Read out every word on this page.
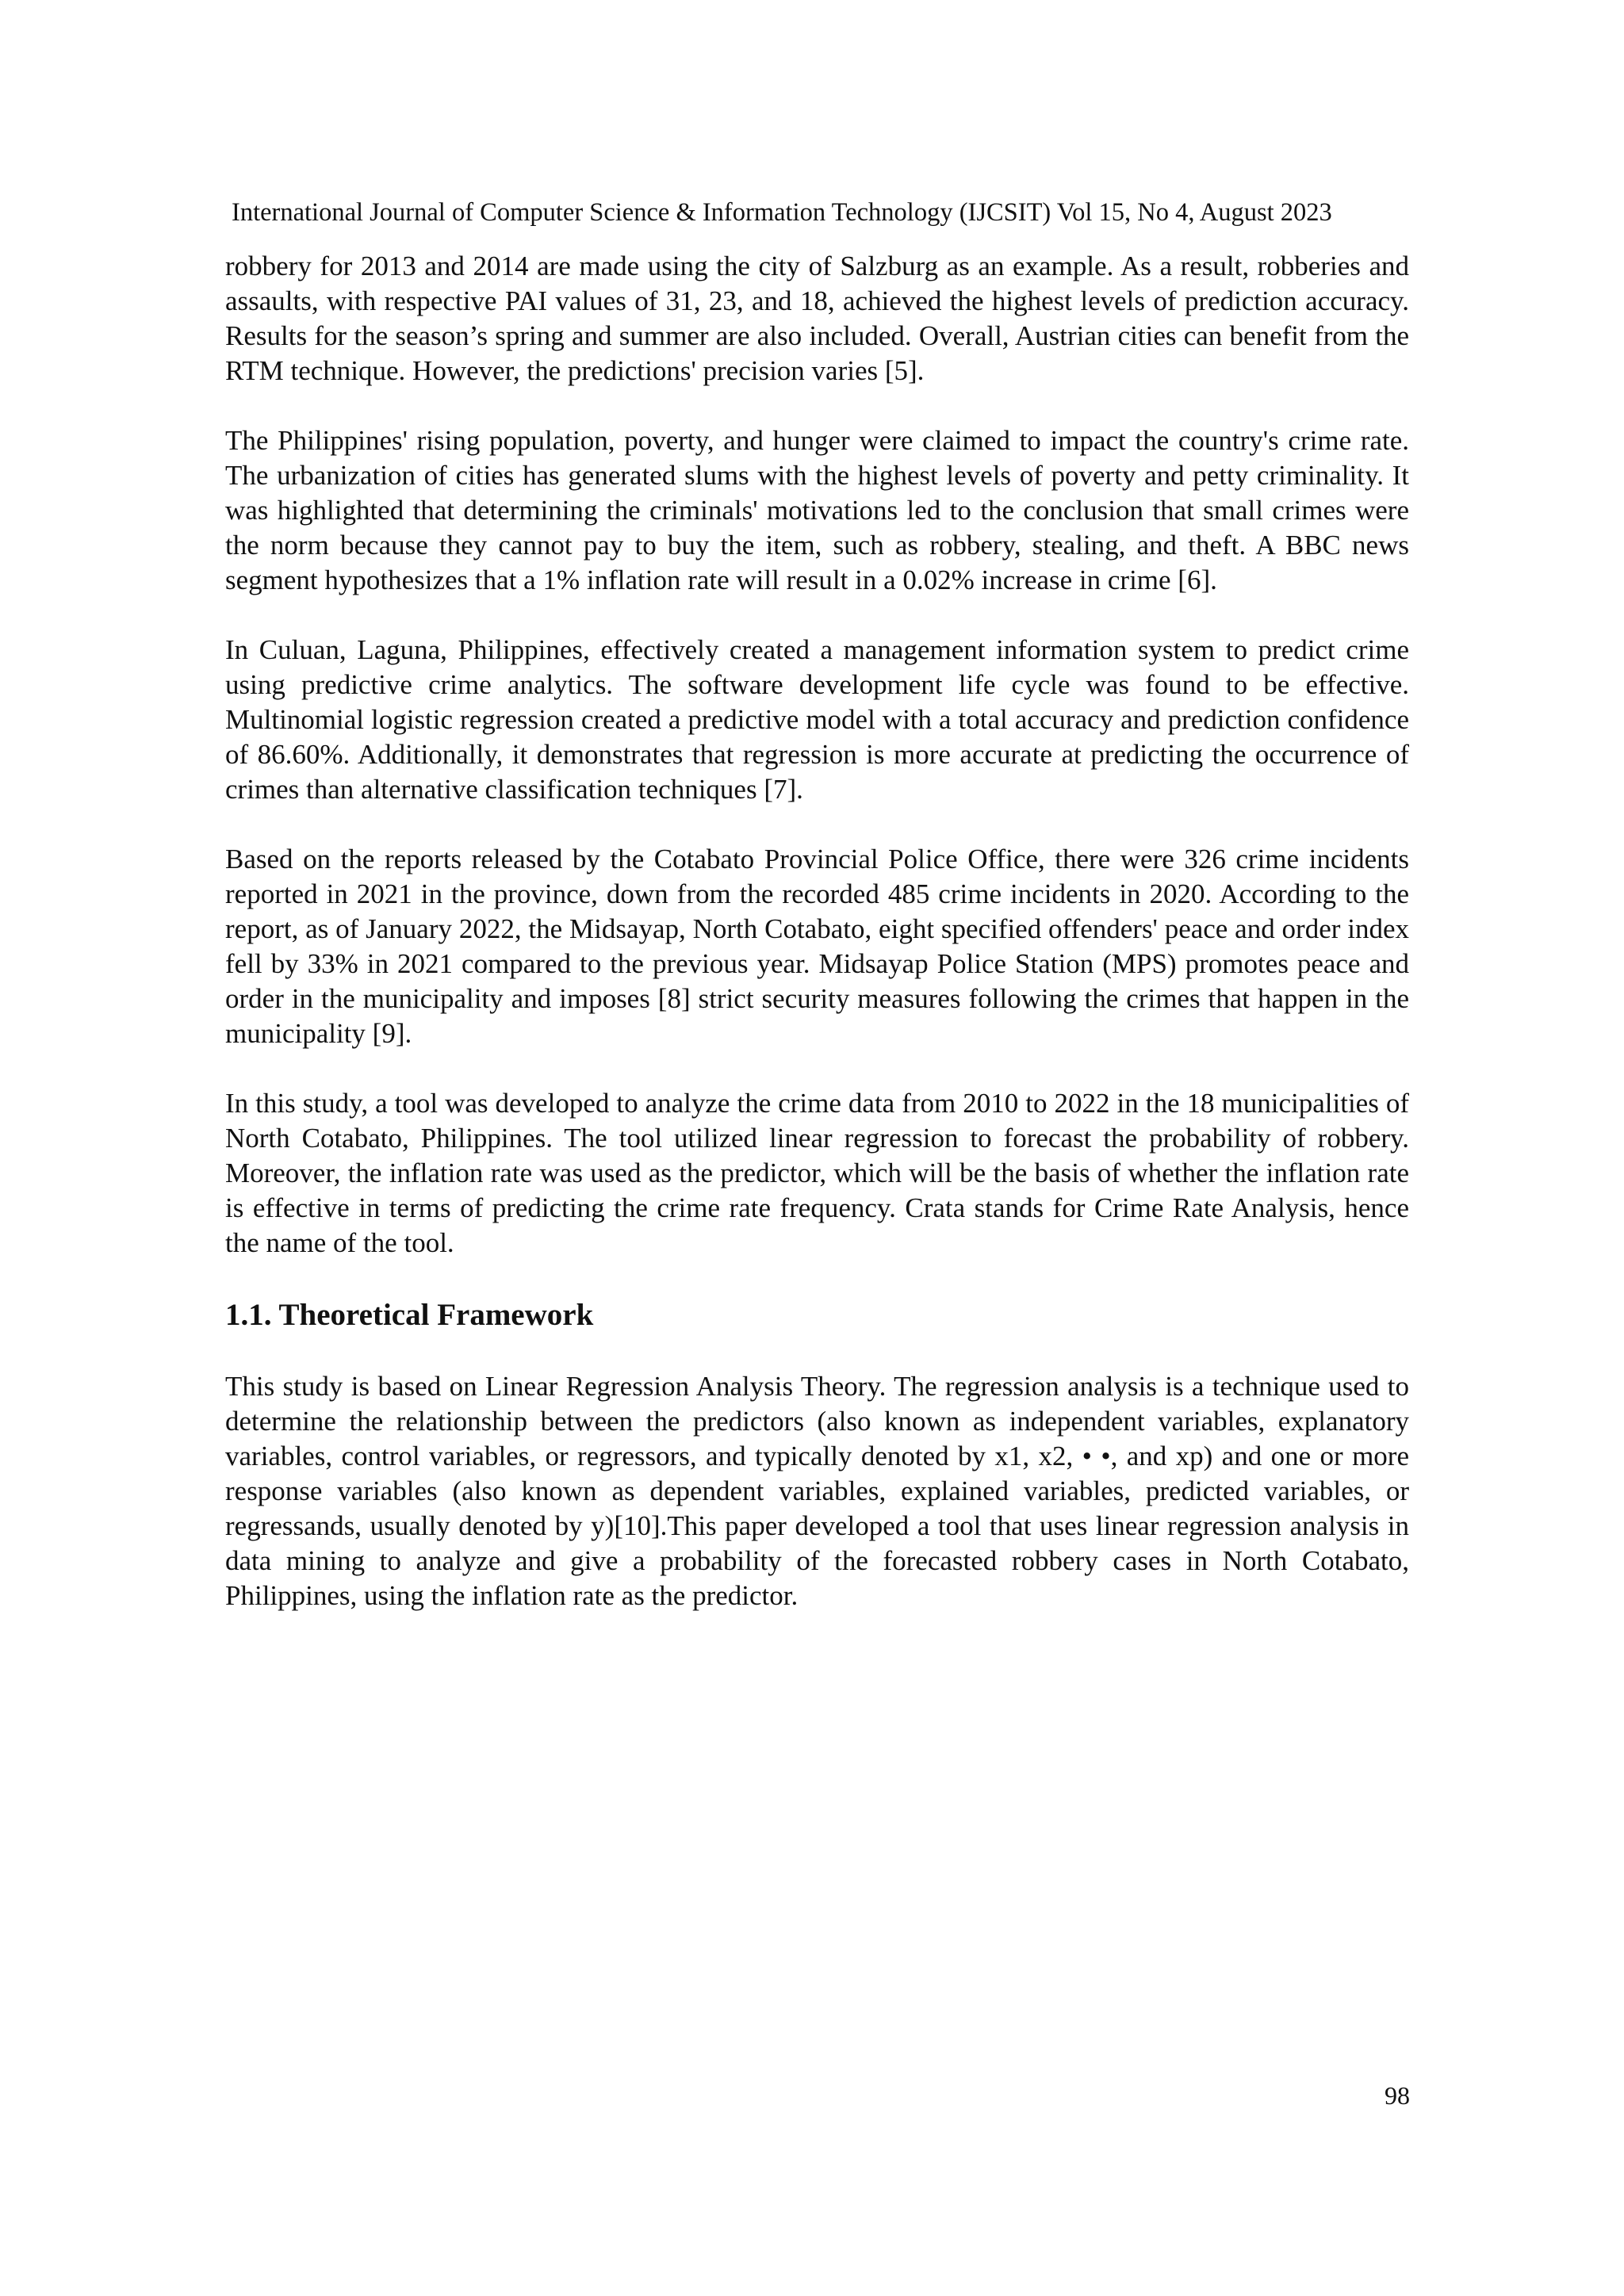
International Journal of Computer Science & Information Technology (IJCSIT) Vol 15, No 4, August 2023

robbery for 2013 and 2014 are made using the city of Salzburg as an example. As a result, robberies and assaults, with respective PAI values of 31, 23, and 18, achieved the highest levels of prediction accuracy. Results for the season’s spring and summer are also included. Overall, Austrian cities can benefit from the RTM technique. However, the predictions' precision varies [5].

The Philippines' rising population, poverty, and hunger were claimed to impact the country's crime rate. The urbanization of cities has generated slums with the highest levels of poverty and petty criminality. It was highlighted that determining the criminals' motivations led to the conclusion that small crimes were the norm because they cannot pay to buy the item, such as robbery, stealing, and theft. A BBC news segment hypothesizes that a 1% inflation rate will result in a 0.02% increase in crime [6].

In Culuan, Laguna, Philippines, effectively created a management information system to predict crime using predictive crime analytics. The software development life cycle was found to be effective. Multinomial logistic regression created a predictive model with a total accuracy and prediction confidence of 86.60%. Additionally, it demonstrates that regression is more accurate at predicting the occurrence of crimes than alternative classification techniques [7].

Based on the reports released by the Cotabato Provincial Police Office, there were 326 crime incidents reported in 2021 in the province, down from the recorded 485 crime incidents in 2020. According to the report, as of January 2022, the Midsayap, North Cotabato, eight specified offenders' peace and order index fell by 33% in 2021 compared to the previous year. Midsayap Police Station (MPS) promotes peace and order in the municipality and imposes [8] strict security measures following the crimes that happen in the municipality [9].

In this study, a tool was developed to analyze the crime data from 2010 to 2022 in the 18 municipalities of North Cotabato, Philippines. The tool utilized linear regression to forecast the probability of robbery. Moreover, the inflation rate was used as the predictor, which will be the basis of whether the inflation rate is effective in terms of predicting the crime rate frequency. Crata stands for Crime Rate Analysis, hence the name of the tool.

1.1. Theoretical Framework

This study is based on Linear Regression Analysis Theory. The regression analysis is a technique used to determine the relationship between the predictors (also known as independent variables, explanatory variables, control variables, or regressors, and typically denoted by x1, x2, • •, and xp) and one or more response variables (also known as dependent variables, explained variables, predicted variables, or regressands, usually denoted by y)[10].This paper developed a tool that uses linear regression analysis in data mining to analyze and give a probability of the forecasted robbery cases in North Cotabato, Philippines, using the inflation rate as the predictor.

98
